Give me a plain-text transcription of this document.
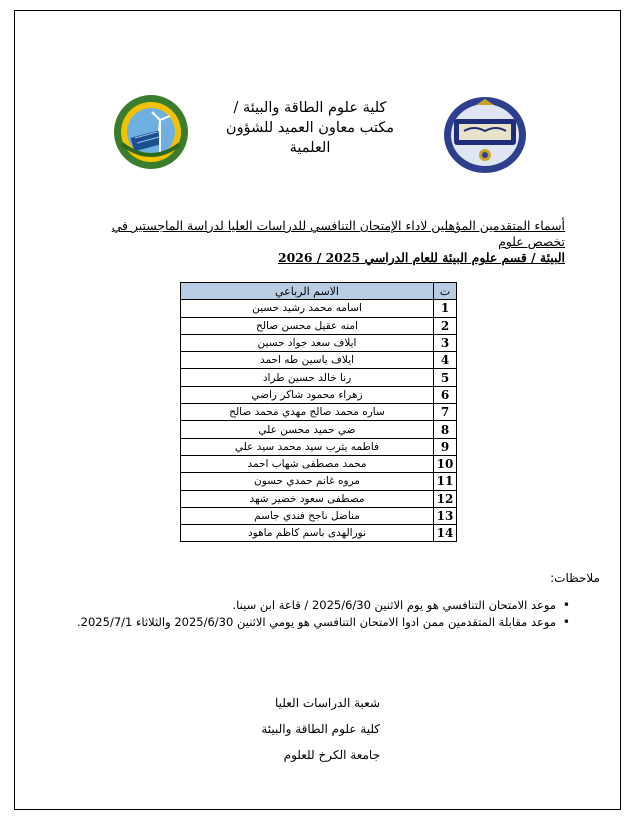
كلية علوم الطاقة والبيئة /
مكتب معاون العميد للشؤون
العلمية
أسماء المتقدمين المؤهلين لاداء الإمتحان التنافسي للدراسات العليا لدراسة الماجستير في تخصص علوم
البيئة / قسم علوم البيئة للعام الدراسي 2025 / 2026
ت	الاسم الرباعي
1	اسامه محمد رشيد حسين
2	امنه عقيل محسن صالح
3	ايلاف سعد جواد حسين
4	ايلاف ياسين طه احمد
5	رنا خالد حسين طراد
6	زهراء محمود شاكر راضي
7	ساره محمد صالح مهدي محمد صالح
8	ضي حميد محسن علي
9	فاطمه يثرب سيد محمد سيد علي
10	محمد مصطفى شهاب احمد
11	مروه غانم حمدي حسون
12	مصطفى سعود خضير شهد
13	مناضل ناجح فندي جاسم
14	نورالهدى باسم كاظم ماهود
ملاحظات:
• موعد الامتحان التنافسي هو يوم الاثنين 2025/6/30 / قاعة ابن سينا.
• موعد مقابلة المتقدمين ممن ادوا الامتحان التنافسي هو يومي الاثنين 2025/6/30 والثلاثاء 2025/7/1.
شعبة الدراسات العليا
كلية علوم الطاقة والبيئة
جامعة الكرخ للعلوم
